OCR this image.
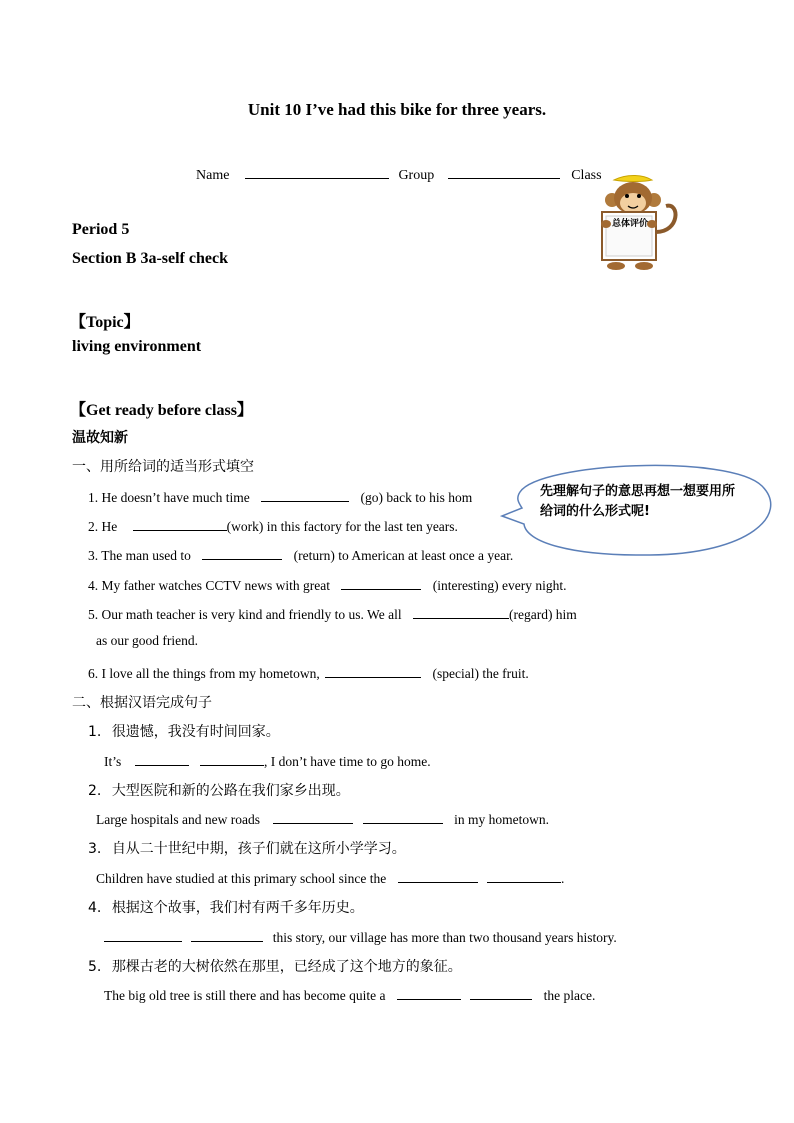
Unit 10 I’ve had this bike for three years.
Name	Group	Class
总体评价
Period 5
Section B 3a-self check
【Topic】
living environment
【Get ready before class】
温故知新
一、用所给词的适当形式填空
1. He doesn’t have much time	(go) back to his hom
2. He	(work) in this factory for the last ten years.
3. The man used to	(return) to American at least once a year.
4. My father watches CCTV news with great	(interesting) every night.
5. Our math teacher is very kind and friendly to us. We all	(regard) him
as our good friend.
6. I love all the things from my hometown,	(special) the fruit.
先理解句子的意思再想一想要用所给词的什么形式呢!
二、根据汉语完成句子
1. 很遗憾，我没有时间回家。
It’s	, I don’t have time to go home.
2. 大型医院和新的公路在我们家乡出现。
Large hospitals and new roads	in my hometown.
3. 自从二十世纪中期，孩子们就在这所小学学习。
Children have studied at this primary school since the	.
4. 根据这个故事，我们村有两千多年历史。
this story, our village has more than two thousand years history.
5. 那棵古老的大树依然在那里，已经成了这个地方的象征。
The big old tree is still there and has become quite a	the place.
